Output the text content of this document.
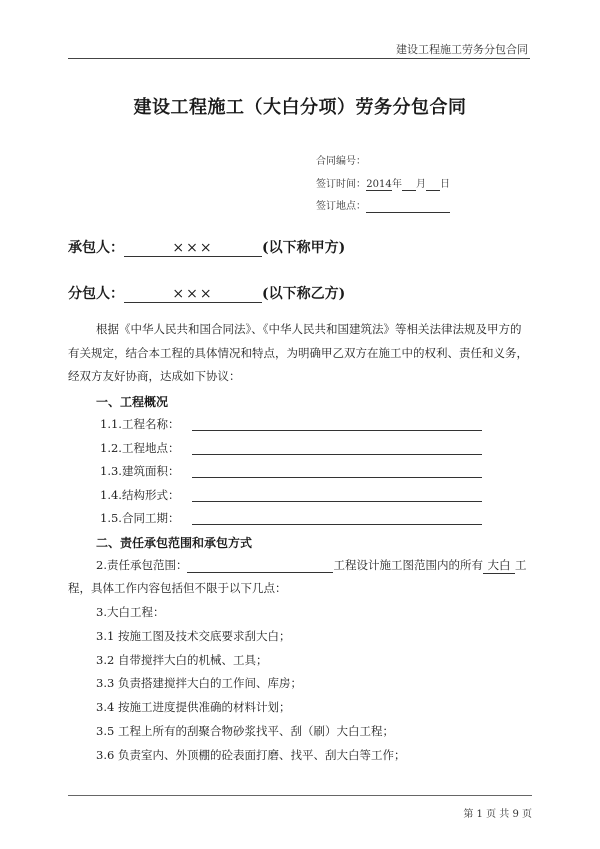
建设工程施工劳务分包合同
建设工程施工（大白分项）劳务分包合同
合同编号：
签订时间：2014年 月 日
签订地点：
承包人：	×××	(以下称甲方)
分包人：	×××	(以下称乙方)
根据《中华人民共和国合同法》、《中华人民共和国建筑法》等相关法律法规及甲方的
有关规定，结合本工程的具体情况和特点，为明确甲乙双方在施工中的权利、责任和义务，
经双方友好协商，达成如下协议：
一、工程概况
1.1.工程名称：
1.2.工程地点：
1.3.建筑面积：
1.4.结构形式：
1.5.合同工期：
二、责任承包范围和承包方式
2.责任承包范围：	工程设计施工图范围内的所有 大白 工
程，具体工作内容包括但不限于以下几点：
3.大白工程：
3.1 按施工图及技术交底要求刮大白；
3.2 自带搅拌大白的机械、工具；
3.3 负责搭建搅拌大白的工作间、库房；
3.4 按施工进度提供准确的材料计划；
3.5 工程上所有的刮聚合物砂浆找平、刮（刷）大白工程；
3.6 负责室内、外顶棚的砼表面打磨、找平、刮大白等工作；
第 1 页 共 9 页
